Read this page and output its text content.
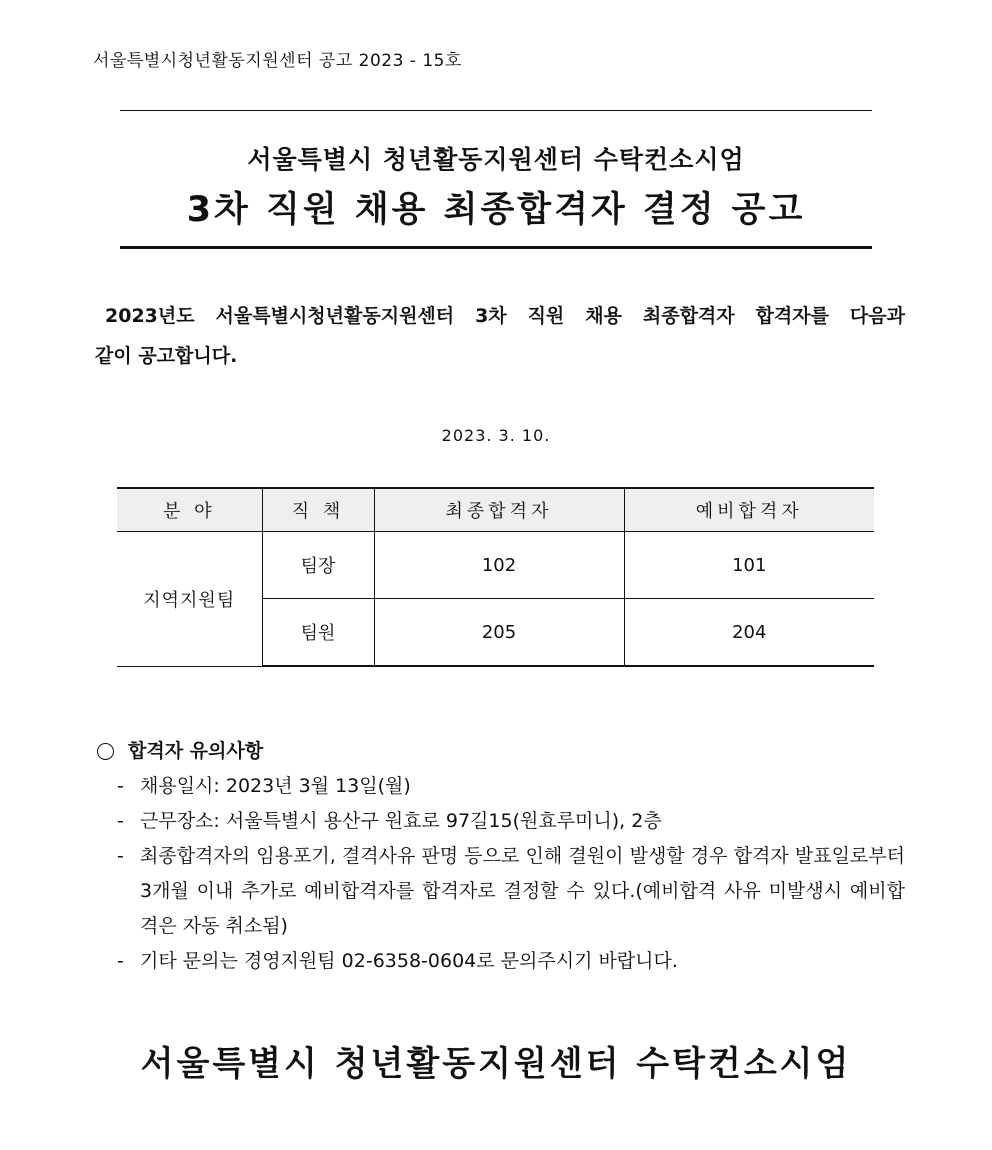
서울특별시청년활동지원센터 공고 2023 - 15호
서울특별시 청년활동지원센터 수탁컨소시엄
3차 직원 채용 최종합격자 결정 공고
2023년도 서울특별시청년활동지원센터 3차 직원 채용 최종합격자 합격자를 다음과
같이 공고합니다.
2023. 3. 10.
분 야	직 책	최종합격자	예비합격자
지역지원팀	팀장	102	101
	팀원	205	204
합격자 유의사항
- 채용일시: 2023년 3월 13일(월)
- 근무장소: 서울특별시 용산구 원효로 97길15(원효루미니), 2층
- 최종합격자의 임용포기, 결격사유 판명 등으로 인해 결원이 발생할 경우 합격자 발표일로부터 3개월 이내 추가로 예비합격자를 합격자로 결정할 수 있다.(예비합격 사유 미발생시 예비합격은 자동 취소됨)
- 기타 문의는 경영지원팀 02-6358-0604로 문의주시기 바랍니다.
서울특별시 청년활동지원센터 수탁컨소시엄
